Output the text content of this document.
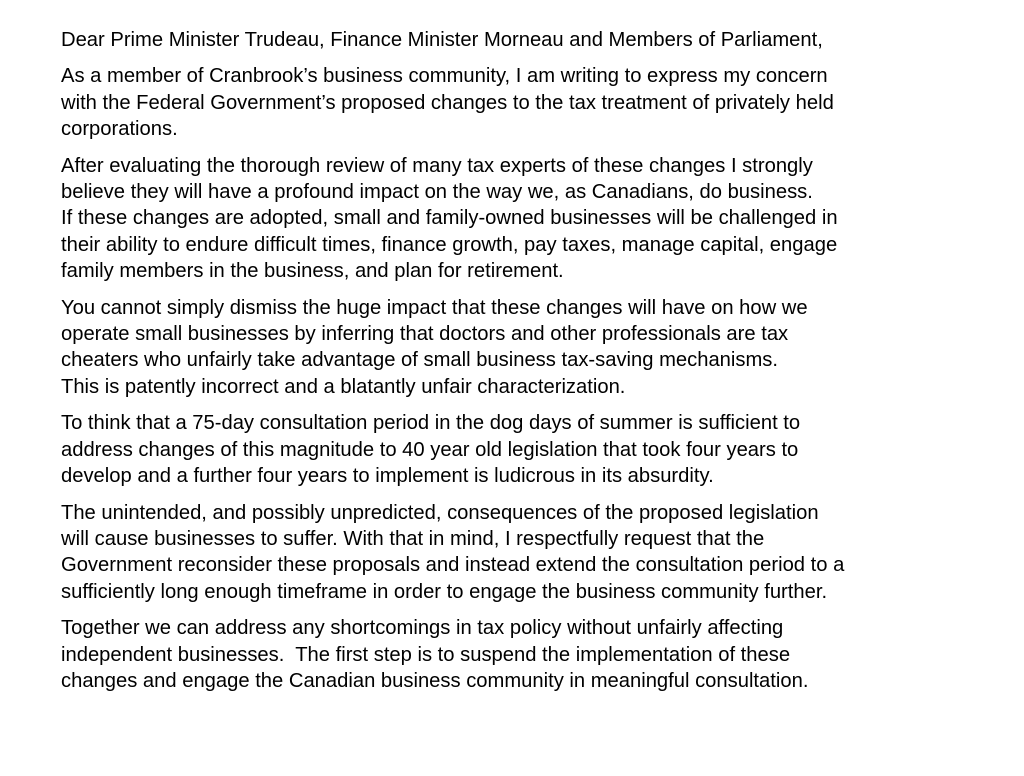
Dear Prime Minister Trudeau, Finance Minister Morneau and Members of Parliament,
As a member of Cranbrook’s business community, I am writing to express my concern
with the Federal Government’s proposed changes to the tax treatment of privately held
corporations.
After evaluating the thorough review of many tax experts of these changes I strongly
believe they will have a profound impact on the way we, as Canadians, do business.
If these changes are adopted, small and family-owned businesses will be challenged in
their ability to endure difficult times, finance growth, pay taxes, manage capital, engage
family members in the business, and plan for retirement.
You cannot simply dismiss the huge impact that these changes will have on how we
operate small businesses by inferring that doctors and other professionals are tax
cheaters who unfairly take advantage of small business tax-saving mechanisms.
This is patently incorrect and a blatantly unfair characterization.
To think that a 75-day consultation period in the dog days of summer is sufficient to
address changes of this magnitude to 40 year old legislation that took four years to
develop and a further four years to implement is ludicrous in its absurdity.
The unintended, and possibly unpredicted, consequences of the proposed legislation
will cause businesses to suffer. With that in mind, I respectfully request that the
Government reconsider these proposals and instead extend the consultation period to a
sufficiently long enough timeframe in order to engage the business community further.
Together we can address any shortcomings in tax policy without unfairly affecting
independent businesses.  The first step is to suspend the implementation of these
changes and engage the Canadian business community in meaningful consultation.
